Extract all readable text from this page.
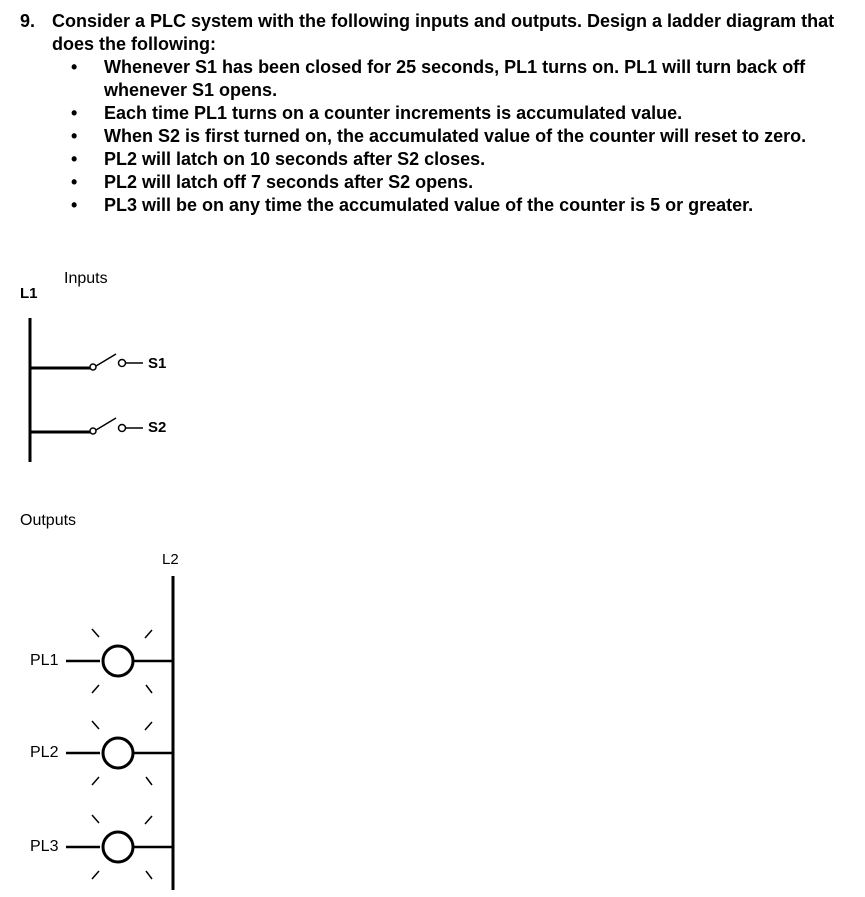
9. Consider a PLC system with the following inputs and outputs. Design a ladder diagram that does the following:
• Whenever S1 has been closed for 25 seconds, PL1 turns on. PL1 will turn back off whenever S1 opens.
• Each time PL1 turns on a counter increments is accumulated value.
• When S2 is first turned on, the accumulated value of the counter will reset to zero.
• PL2 will latch on 10 seconds after S2 closes.
• PL2 will latch off 7 seconds after S2 opens.
• PL3 will be on any time the accumulated value of the counter is 5 or greater.
Inputs
L1
S1
S2
Outputs
L2
PL1
PL2
PL3
